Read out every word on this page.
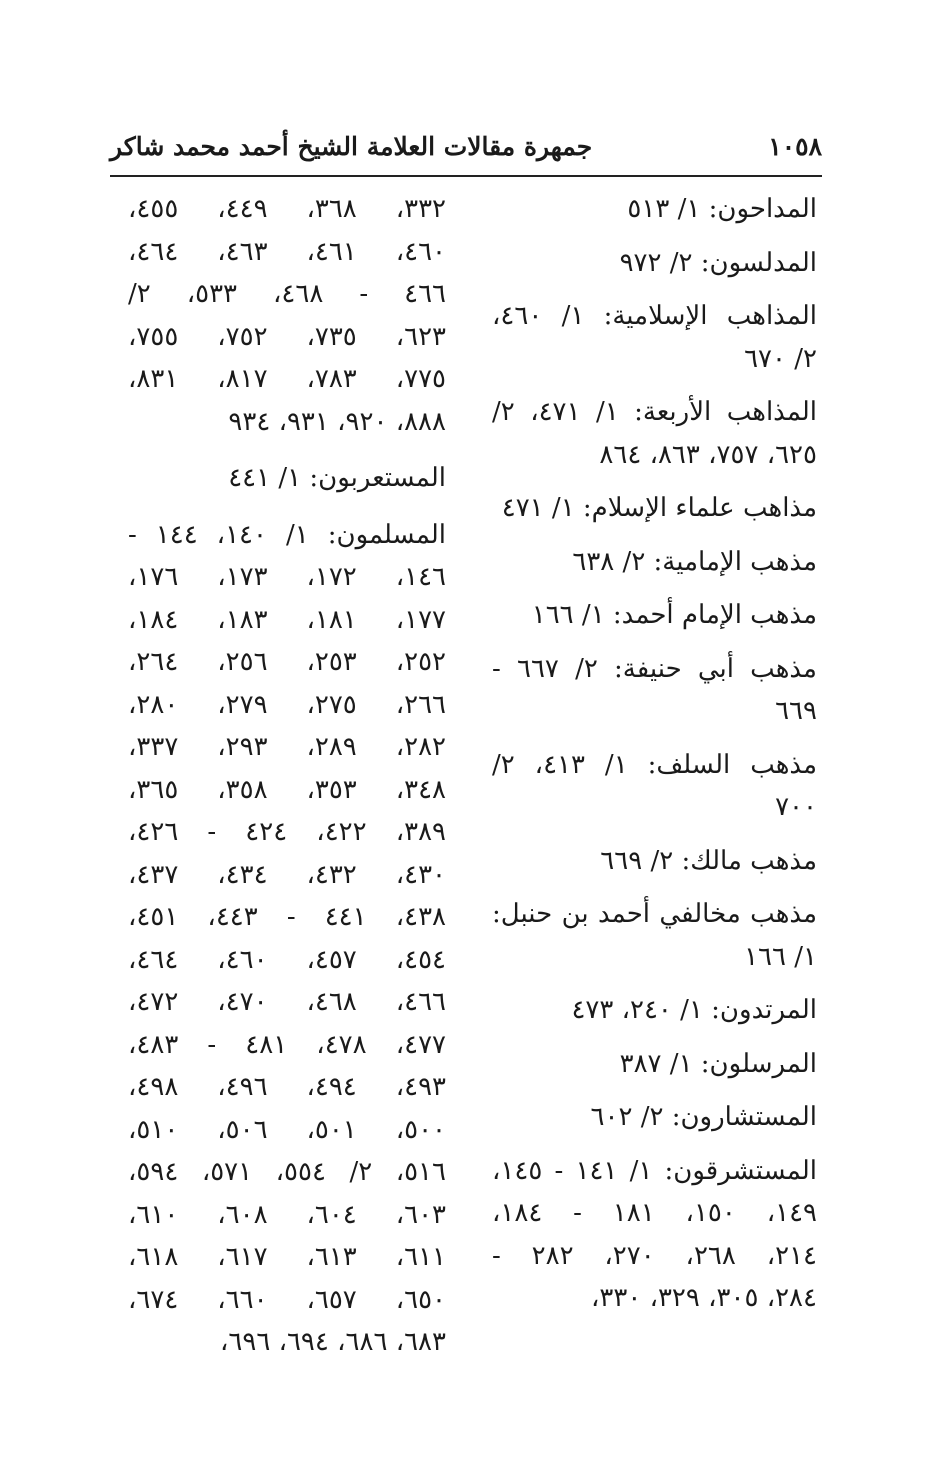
١٠٥٨
جمهرة مقالات العلامة الشيخ أحمد محمد شاكر
المداحون: ١/ ٥١٣
المدلسون: ٢/ ٩٧٢
المذاهب الإسلامية: ١/ ٤٦٠،
٢/ ٦٧٠
المذاهب الأربعة: ١/ ٤٧١، ٢/
٦٢٥، ٧٥٧، ٨٦٣، ٨٦٤
مذاهب علماء الإسلام: ١/ ٤٧١
مذهب الإمامية: ٢/ ٦٣٨
مذهب الإمام أحمد: ١/ ١٦٦
مذهب أبي حنيفة: ٢/ ٦٦٧ -
٦٦٩
مذهب السلف: ١/ ٤١٣، ٢/
٧٠٠
مذهب مالك: ٢/ ٦٦٩
مذهب مخالفي أحمد بن حنبل:
١/ ١٦٦
المرتدون: ١/ ٢٤٠، ٤٧٣
المرسلون: ١/ ٣٨٧
المستشارون: ٢/ ٦٠٢
المستشرقون: ١/ ١٤١ - ١٤٥،
١٤٩، ١٥٠، ١٨١ - ١٨٤،
٢١٤، ٢٦٨، ٢٧٠، ٢٨٢ -
٢٨٤، ٣٠٥، ٣٢٩، ٣٣٠،
٣٣٢، ٣٦٨، ٤٤٩، ٤٥٥،
٤٦٠، ٤٦١، ٤٦٣، ٤٦٤،
٤٦٦ - ٤٦٨، ٥٣٣، ٢/
٦٢٣، ٧٣٥، ٧٥٢، ٧٥٥،
٧٧٥، ٧٨٣، ٨١٧، ٨٣١،
٨٨٨، ٩٢٠، ٩٣١، ٩٣٤
المستعربون: ١/ ٤٤١
المسلمون: ١/ ١٤٠، ١٤٤ -
١٤٦، ١٧٢، ١٧٣، ١٧٦،
١٧٧، ١٨١، ١٨٣، ١٨٤،
٢٥٢، ٢٥٣، ٢٥٦، ٢٦٤،
٢٦٦، ٢٧٥، ٢٧٩، ٢٨٠،
٢٨٢، ٢٨٩، ٢٩٣، ٣٣٧،
٣٤٨، ٣٥٣، ٣٥٨، ٣٦٥،
٣٨٩، ٤٢٢، ٤٢٤ - ٤٢٦،
٤٣٠، ٤٣٢، ٤٣٤، ٤٣٧،
٤٣٨، ٤٤١ - ٤٤٣، ٤٥١،
٤٥٤، ٤٥٧، ٤٦٠، ٤٦٤،
٤٦٦، ٤٦٨، ٤٧٠، ٤٧٢،
٤٧٧، ٤٧٨، ٤٨١ - ٤٨٣،
٤٩٣، ٤٩٤، ٤٩٦، ٤٩٨،
٥٠٠، ٥٠١، ٥٠٦، ٥١٠،
٥١٦، ٢/ ٥٥٤، ٥٧١، ٥٩٤،
٦٠٣، ٦٠٤، ٦٠٨، ٦١٠،
٦١١، ٦١٣، ٦١٧، ٦١٨،
٦٥٠، ٦٥٧، ٦٦٠، ٦٧٤،
٦٨٣، ٦٨٦، ٦٩٤، ٦٩٦،
